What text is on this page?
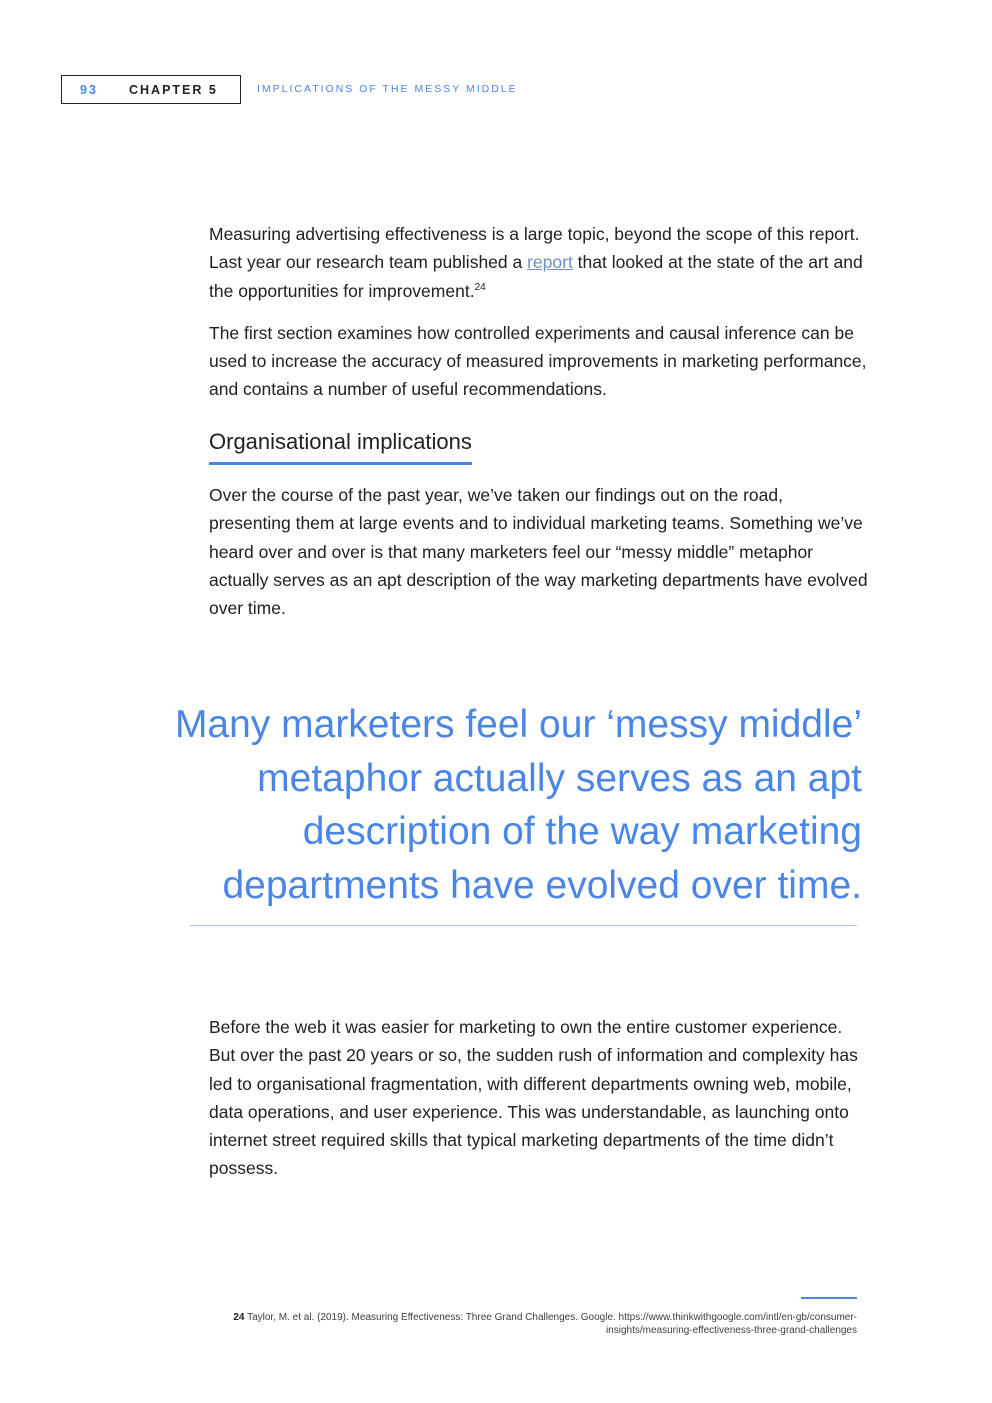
93 CHAPTER 5	IMPLICATIONS OF THE MESSY MIDDLE

Measuring advertising effectiveness is a large topic, beyond the scope of this report. Last year our research team published a report that looked at the state of the art and the opportunities for improvement.$^{24}$

The first section examines how controlled experiments and causal inference can be used to increase the accuracy of measured improvements in marketing performance, and contains a number of useful recommendations.

Organisational implications

Over the course of the past year, we’ve taken our findings out on the road, presenting them at large events and to individual marketing teams. Something we’ve heard over and over is that many marketers feel our “messy middle” metaphor actually serves as an apt description of the way marketing departments have evolved over time.

Many marketers feel our ‘messy middle’
metaphor actually serves as an apt
description of the way marketing
departments have evolved over time.

Before the web it was easier for marketing to own the entire customer experience. But over the past 20 years or so, the sudden rush of information and complexity has led to organisational fragmentation, with different departments owning web, mobile, data operations, and user experience. This was understandable, as launching onto internet street required skills that typical marketing departments of the time didn’t possess.

24 Taylor, M. et al. (2019). Measuring Effectiveness: Three Grand Challenges. Google. https://www.thinkwithgoogle.com/intl/en-gb/consumer-
insights/measuring-effectiveness-three-grand-challenges
